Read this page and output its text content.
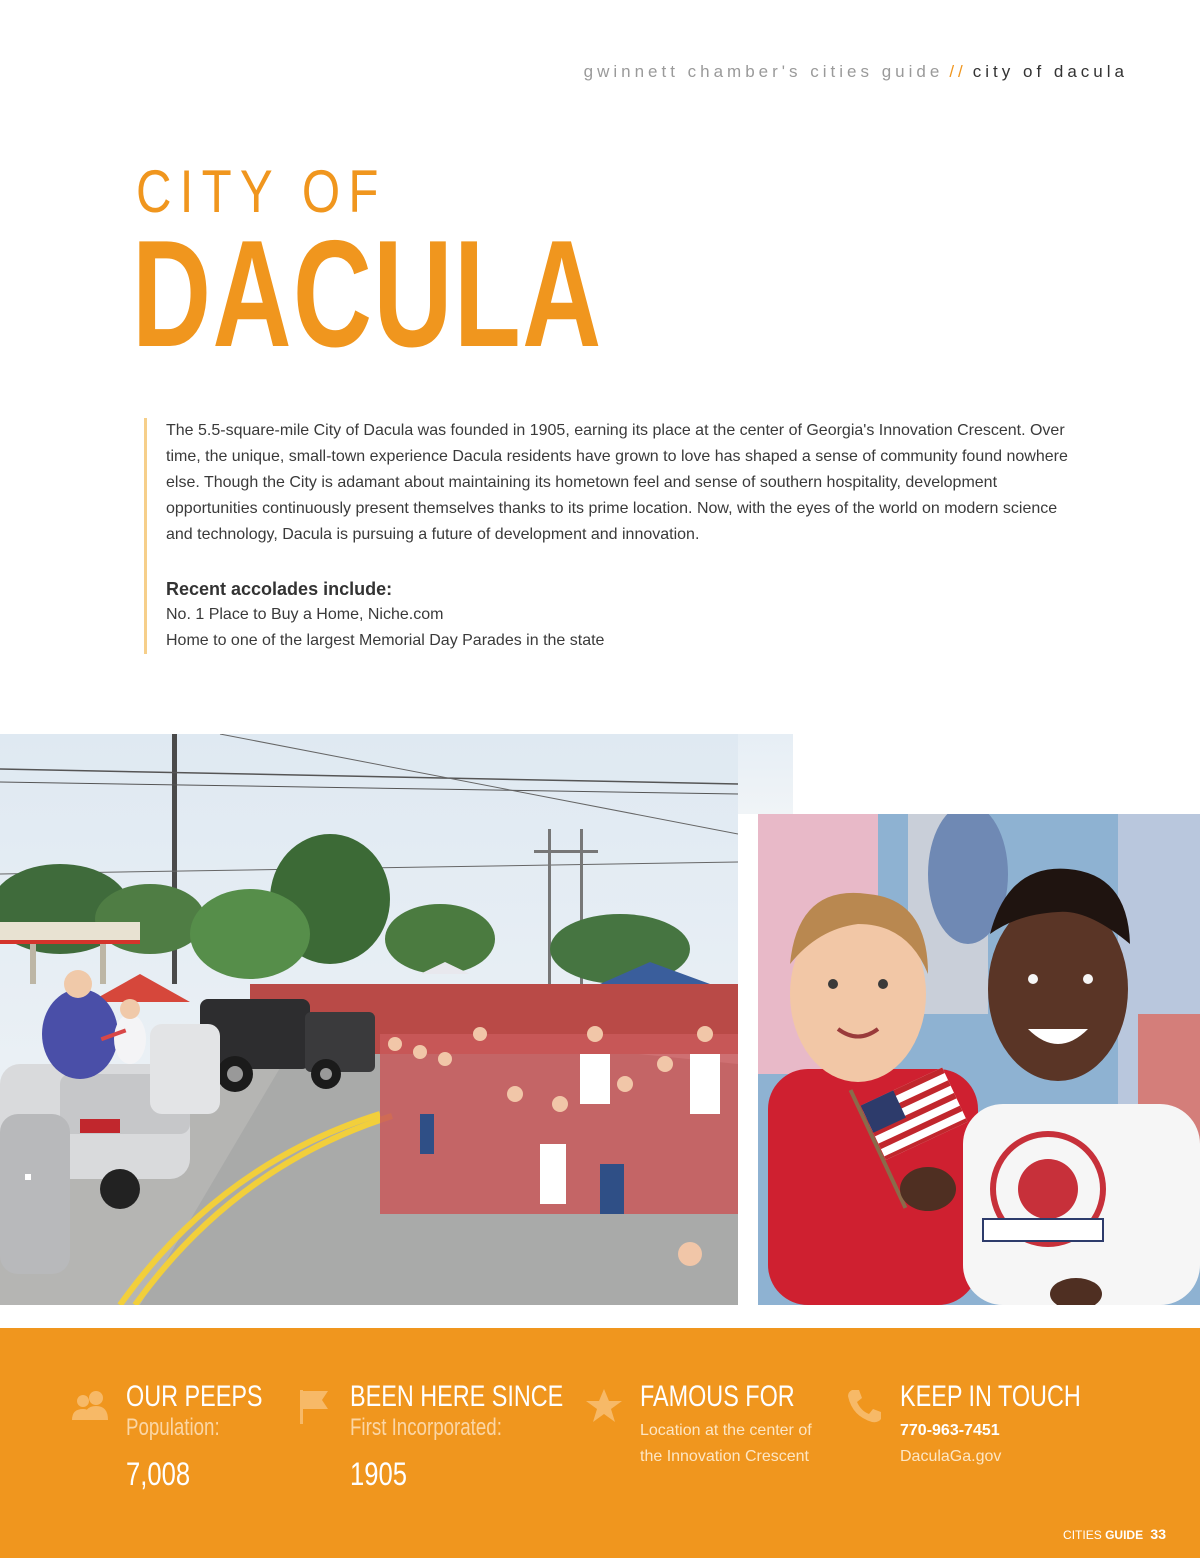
gwinnett chamber's cities guide // city of dacula
CITY OF
DACULA

The 5.5-square-mile City of Dacula was founded in 1905, earning its place at the center of Georgia's Innovation Crescent. Over time, the unique, small-town experience Dacula residents have grown to love has shaped a sense of community found nowhere else. Though the City is adamant about maintaining its hometown feel and sense of southern hospitality, development opportunities continuously present themselves thanks to its prime location. Now, with the eyes of the world on modern science and technology, Dacula is pursuing a future of development and innovation.

Recent accolades include:

No. 1 Place to Buy a Home, Niche.com

Home to one of the largest Memorial Day Parades in the state

OUR PEEPS
Population:
7,008
BEEN HERE SINCE
First Incorporated:
1905
FAMOUS FOR
Location at the center of
the Innovation Crescent
KEEP IN TOUCH
770-963-7451
DaculaGa.gov
CITIES GUIDE 33
